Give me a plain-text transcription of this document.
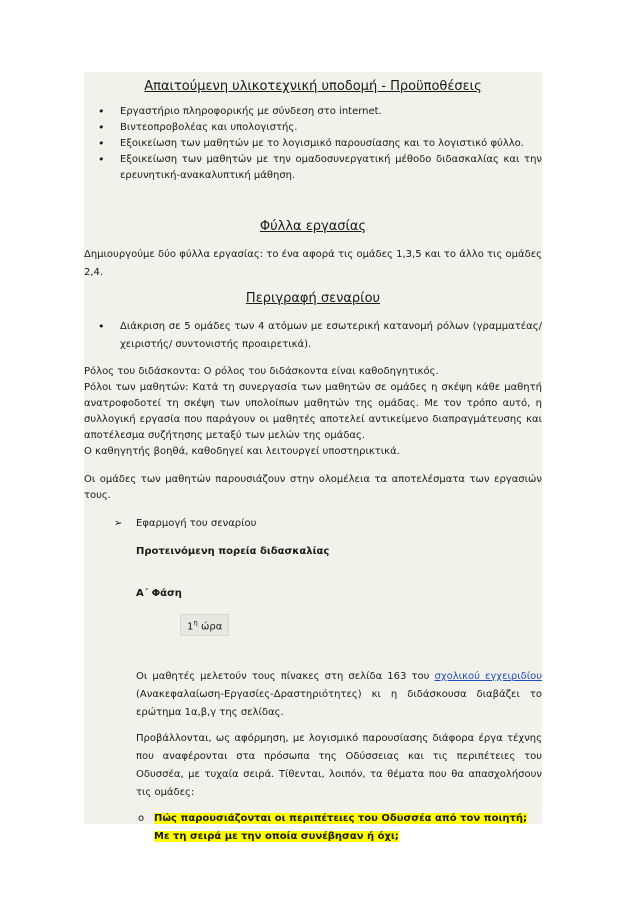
Απαιτούμενη υλικοτεχνική υποδομή - Προϋποθέσεις
• Εργαστήριο πληροφορικής με σύνδεση στο internet.
• Βιντεοπροβολέας και υπολογιστής.
• Εξοικείωση των μαθητών με το λογισμικό παρουσίασης και το λογιστικό φύλλο.
• Εξοικείωση των μαθητών με την ομαδοσυνεργατική μέθοδο διδασκαλίας και την ερευνητική-ανακαλυπτική μάθηση.
Φύλλα εργασίας

Δημιουργούμε δύο φύλλα εργασίας: το ένα αφορά τις ομάδες 1,3,5 και το άλλο τις ομάδες 2,4.

Περιγραφή σεναρίου
• Διάκριση σε 5 ομάδες των 4 ατόμων με εσωτερική κατανομή ρόλων (γραμματέας/ χειριστής/ συντονιστής προαιρετικά).

Ρόλος του διδάσκοντα: Ο ρόλος του διδάσκοντα είναι καθοδηγητικός.

Ρόλοι των μαθητών: Κατά τη συνεργασία των μαθητών σε ομάδες η σκέψη κάθε μαθητή ανατροφοδοτεί τη σκέψη των υπολοίπων μαθητών της ομάδας. Με τον τρόπο αυτό, η συλλογική εργασία που παράγουν οι μαθητές αποτελεί αντικείμενο διαπραγμάτευσης και αποτέλεσμα συζήτησης μεταξύ των μελών της ομάδας.

Ο καθηγητής βοηθά, καθοδηγεί και λειτουργεί υποστηρικτικά.

Οι ομάδες των μαθητών παρουσιάζουν στην ολομέλεια τα αποτελέσματα των εργασιών τους.

➢ Εφαρμογή του σεναρίου

Προτεινόμενη πορεία διδασκαλίας

Α΄ Φάση

$1^\eta$ ώρα

Οι μαθητές μελετούν τους πίνακες στη σελίδα 163 του σχολικού εγχειριδίου (Ανακεφαλαίωση-Εργασίες-Δραστηριότητες) κι η διδάσκουσα διαβάζει το ερώτημα 1α,β,γ της σελίδας.

Προβάλλονται, ως αφόρμηση, με λογισμικό παρουσίασης διάφορα έργα τέχνης που αναφέρονται στα πρόσωπα της Οδύσσειας και τις περιπέτειες του Οδυσσέα, με τυχαία σειρά. Τίθενται, λοιπόν, τα θέματα που θα απασχολήσουν τις ομάδες:

o Πώς παρουσιάζονται οι περιπέτειες του Οδυσσέα από τον ποιητή; Με τη σειρά με την οποία συνέβησαν ή όχι;
